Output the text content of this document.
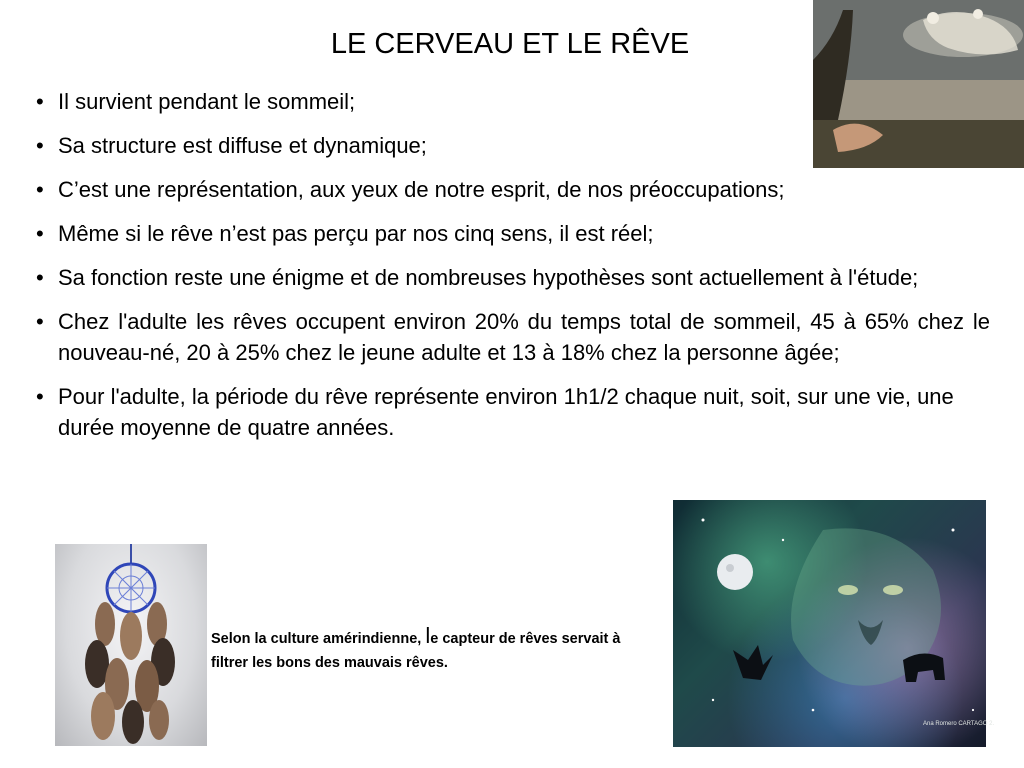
LE CERVEAU ET LE RÊVE
• Il survient pendant le sommeil;
• Sa structure est diffuse et dynamique;
• C’est une représentation, aux yeux de notre esprit, de nos préoccupations;
• Même si le rêve n’est pas perçu par nos cinq sens, il est réel;
• Sa fonction reste une énigme et de nombreuses hypothèses sont actuellement à l'étude;
• Chez l'adulte les rêves occupent environ 20% du temps total de sommeil, 45 à 65% chez le nouveau-né, 20 à 25% chez le jeune adulte et 13 à 18% chez la personne âgée;
• Pour l'adulte, la période du rêve représente environ 1h1/2 chaque nuit, soit, sur une vie, une durée moyenne de quatre années.
Selon la culture amérindienne, le capteur de rêves servait à filtrer les bons des mauvais rêves.
Ana Romero CARTAGO 2.
